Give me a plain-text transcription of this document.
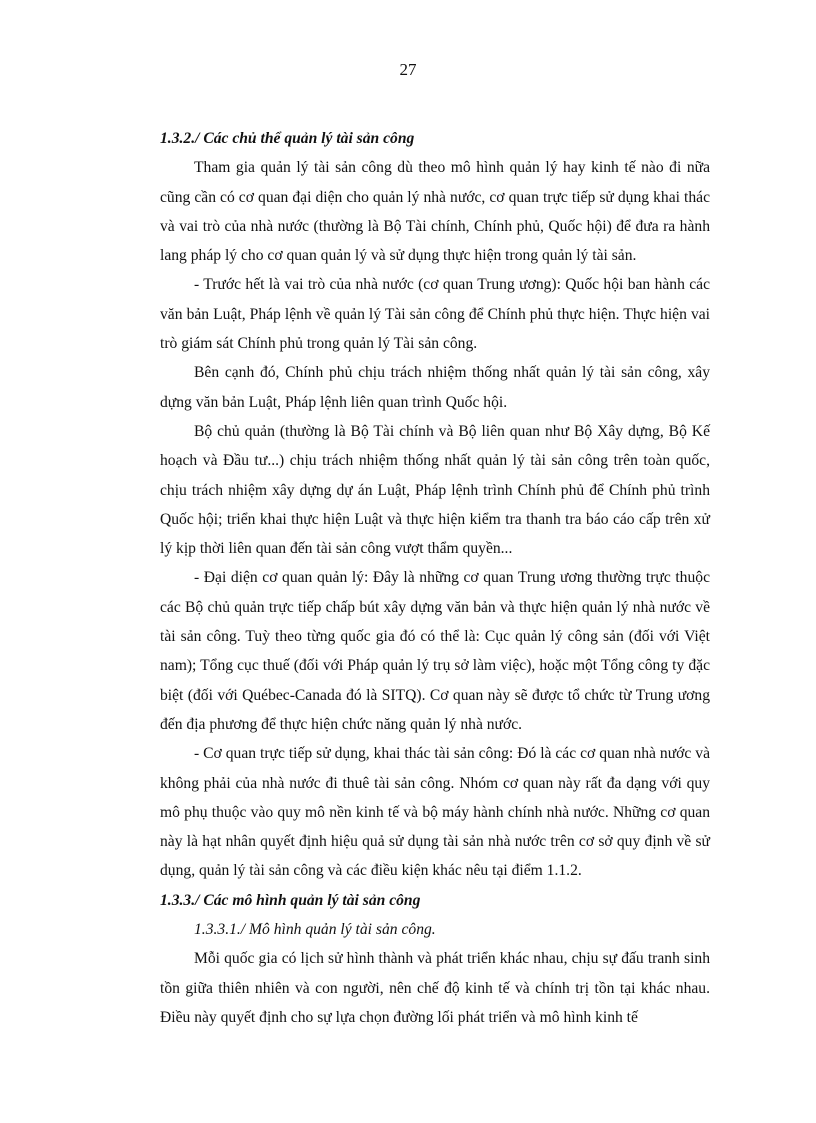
27

1.3.2./ Các chủ thể quản lý tài sản công

Tham gia quản lý tài sản công dù theo mô hình quản lý hay kinh tế nào đi nữa cũng cần có cơ quan đại diện cho quản lý nhà nước, cơ quan trực tiếp sử dụng khai thác và vai trò của nhà nước (thường là Bộ Tài chính, Chính phủ, Quốc hội) để đưa ra hành lang pháp lý cho cơ quan quản lý và sử dụng thực hiện trong quản lý tài sản.

- Trước hết là vai trò của nhà nước (cơ quan Trung ương): Quốc hội ban hành các văn bản Luật, Pháp lệnh về quản lý Tài sản công để Chính phủ thực hiện. Thực hiện vai trò giám sát Chính phủ trong quản lý Tài sản công.

Bên cạnh đó, Chính phủ chịu trách nhiệm thống nhất quản lý tài sản công, xây dựng văn bản Luật, Pháp lệnh liên quan trình Quốc hội.

Bộ chủ quản (thường là Bộ Tài chính và Bộ liên quan như Bộ Xây dựng, Bộ Kế hoạch và Đầu tư...) chịu trách nhiệm thống nhất quản lý tài sản công trên toàn quốc, chịu trách nhiệm xây dựng dự án Luật, Pháp lệnh trình Chính phủ để Chính phủ trình Quốc hội; triển khai thực hiện Luật và thực hiện kiểm tra thanh tra báo cáo cấp trên xử lý kịp thời liên quan đến tài sản công vượt thẩm quyền...

- Đại diện cơ quan quản lý: Đây là những cơ quan Trung ương thường trực thuộc các Bộ chủ quản trực tiếp chấp bút xây dựng văn bản và thực hiện quản lý nhà nước về tài sản công. Tuỳ theo từng quốc gia đó có thể là: Cục quản lý công sản (đối với Việt nam); Tổng cục thuế (đối với Pháp quản lý trụ sở làm việc), hoặc một Tổng công ty đặc biệt (đối với Québec-Canada đó là SITQ). Cơ quan này sẽ được tổ chức từ Trung ương đến địa phương để thực hiện chức năng quản lý nhà nước.

- Cơ quan trực tiếp sử dụng, khai thác tài sản công: Đó là các cơ quan nhà nước và không phải của nhà nước đi thuê tài sản công. Nhóm cơ quan này rất đa dạng với quy mô phụ thuộc vào quy mô nền kinh tế và bộ máy hành chính nhà nước. Những cơ quan này là hạt nhân quyết định hiệu quả sử dụng tài sản nhà nước trên cơ sở quy định về sử dụng, quản lý tài sản công và các điều kiện khác nêu tại điểm 1.1.2.

1.3.3./ Các mô hình quản lý tài sản công

1.3.3.1./ Mô hình quản lý tài sản công.

Mỗi quốc gia có lịch sử hình thành và phát triển khác nhau, chịu sự đấu tranh sinh tồn giữa thiên nhiên và con người, nên chế độ kinh tế và chính trị tồn tại khác nhau. Điều này quyết định cho sự lựa chọn đường lối phát triển và mô hình kinh tế
